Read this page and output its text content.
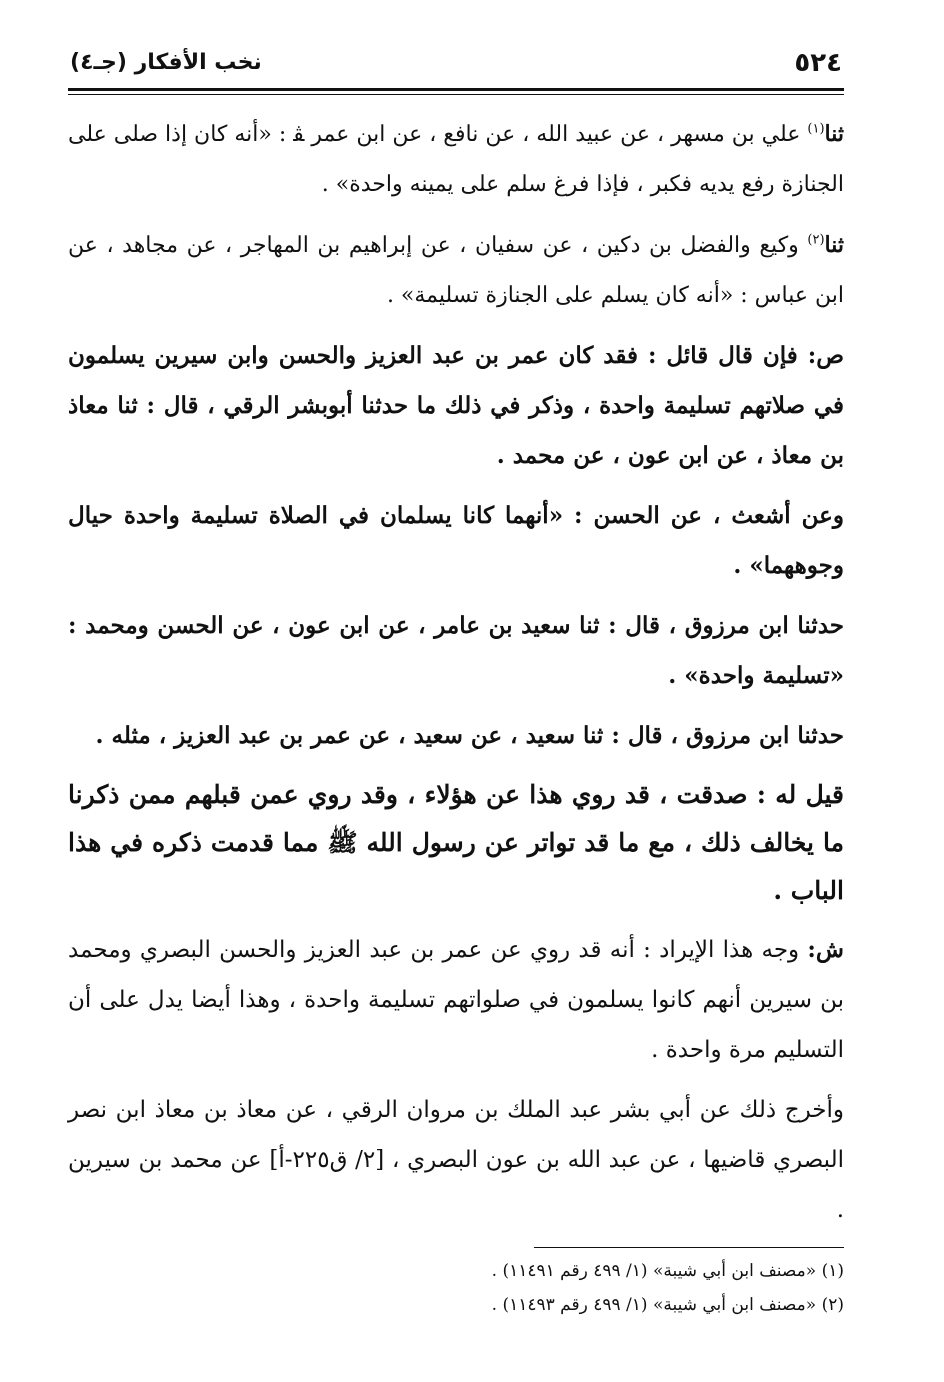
٥٢٤
نخب الأفكار (جـ٤)

ثنا$^{(١)}$ علي بن مسهر ، عن عبيد الله ، عن نافع ، عن ابن عمر ﭭ : «أنه كان إذا صلى على الجنازة رفع يديه فكبر ، فإذا فرغ سلم على يمينه واحدة» .

ثنا$^{(٢)}$ وكيع والفضل بن دكين ، عن سفيان ، عن إبراهيم بن المهاجر ، عن مجاهد ، عن ابن عباس : «أنه كان يسلم على الجنازة تسليمة» .

ص: فإن قال قائل : فقد كان عمر بن عبد العزيز والحسن وابن سيرين يسلمون في صلاتهم تسليمة واحدة ، وذكر في ذلك ما حدثنا أبوبشر الرقي ، قال : ثنا معاذ بن معاذ ، عن ابن عون ، عن محمد .

وعن أشعث ، عن الحسن : «أنهما كانا يسلمان في الصلاة تسليمة واحدة حيال وجوههما» .

حدثنا ابن مرزوق ، قال : ثنا سعيد بن عامر ، عن ابن عون ، عن الحسن ومحمد : «تسليمة واحدة» .

حدثنا ابن مرزوق ، قال : ثنا سعيد ، عن سعيد ، عن عمر بن عبد العزيز ، مثله .

قيل له : صدقت ، قد روي هذا عن هؤلاء ، وقد روي عمن قبلهم ممن ذكرنا ما يخالف ذلك ، مع ما قد تواتر عن رسول الله ﷺ مما قدمت ذكره في هذا الباب .

ش: وجه هذا الإيراد : أنه قد روي عن عمر بن عبد العزيز والحسن البصري ومحمد بن سيرين أنهم كانوا يسلمون في صلواتهم تسليمة واحدة ، وهذا أيضا يدل على أن التسليم مرة واحدة .

وأخرج ذلك عن أبي بشر عبد الملك بن مروان الرقي ، عن معاذ بن معاذ ابن نصر البصري قاضيها ، عن عبد الله بن عون البصري ، [٢/ ق٢٢٥-أ] عن محمد بن سيرين .

(١) «مصنف ابن أبي شيبة» (١/ ٤٩٩ رقم ١١٤٩١) .

(٢) «مصنف ابن أبي شيبة» (١/ ٤٩٩ رقم ١١٤٩٣) .
